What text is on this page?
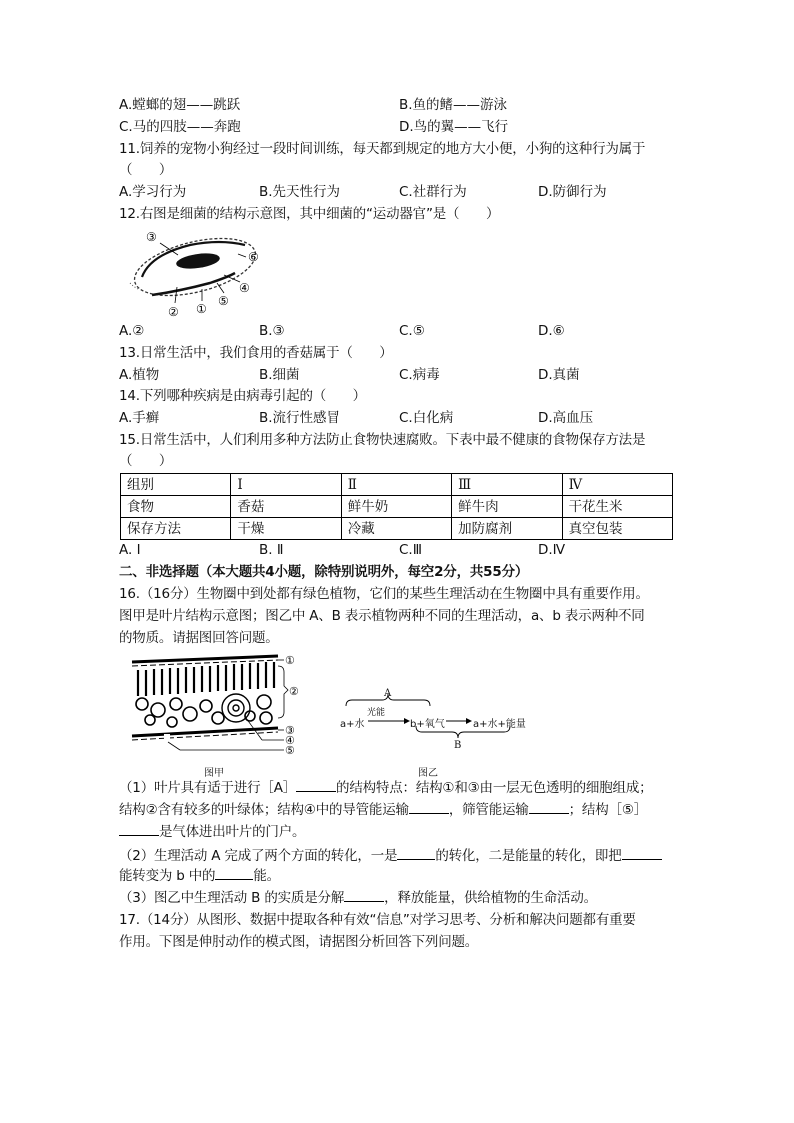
A.螳螂的翅——跳跃	B.鱼的鳍——游泳
C.马的四肢——奔跑	D.鸟的翼——飞行
11.饲养的宠物小狗经过一段时间训练，每天都到规定的地方大小便，小狗的这种行为属于
（　　）
A.学习行为	B.先天性行为	C.社群行为	D.防御行为
12.右图是细菌的结构示意图，其中细菌的“运动器官”是（　　）
③
⑥
④
⑤
①
②
A.②	B.③	C.⑤	D.⑥
13.日常生活中，我们食用的香菇属于（　　）
A.植物	B.细菌	C.病毒	D.真菌
14.下列哪种疾病是由病毒引起的（　　）
A.手癣	B.流行性感冒	C.白化病	D.高血压
15.日常生活中，人们利用多种方法防止食物快速腐败。下表中最不健康的食物保存方法是
（　　）
组别	Ⅰ	Ⅱ	Ⅲ	Ⅳ
食物	香菇	鲜牛奶	鲜牛肉	干花生米
保存方法	干燥	冷藏	加防腐剂	真空包装
A. Ⅰ	B. Ⅱ	C.Ⅲ	D.Ⅳ
二、非选择题（本大题共4小题，除特别说明外，每空2分，共55分）
16.（16分）生物圈中到处都有绿色植物，它们的某些生理活动在生物圈中具有重要作用。
图甲是叶片结构示意图；图乙中 A、B 表示植物两种不同的生理活动，a、b 表示两种不同
的物质。请据图回答问题。
①
②
③
④
⑤
图甲
A
a+水
光能
b+氧气	a+水+能量
B
图乙
（1）叶片具有适于进行［A］	的结构特点：结构①和③由一层无色透明的细胞组成；
结构②含有较多的叶绿体；结构④中的导管能运输	，筛管能运输	；结构［⑤］
是气体进出叶片的门户。
（2）生理活动 A 完成了两个方面的转化，一是	的转化，二是能量的转化，即把
能转变为 b 中的	能。
（3）图乙中生理活动 B 的实质是分解	，释放能量，供给植物的生命活动。
17.（14分）从图形、数据中提取各种有效“信息”对学习思考、分析和解决问题都有重要
作用。下图是伸肘动作的模式图，请据图分析回答下列问题。
